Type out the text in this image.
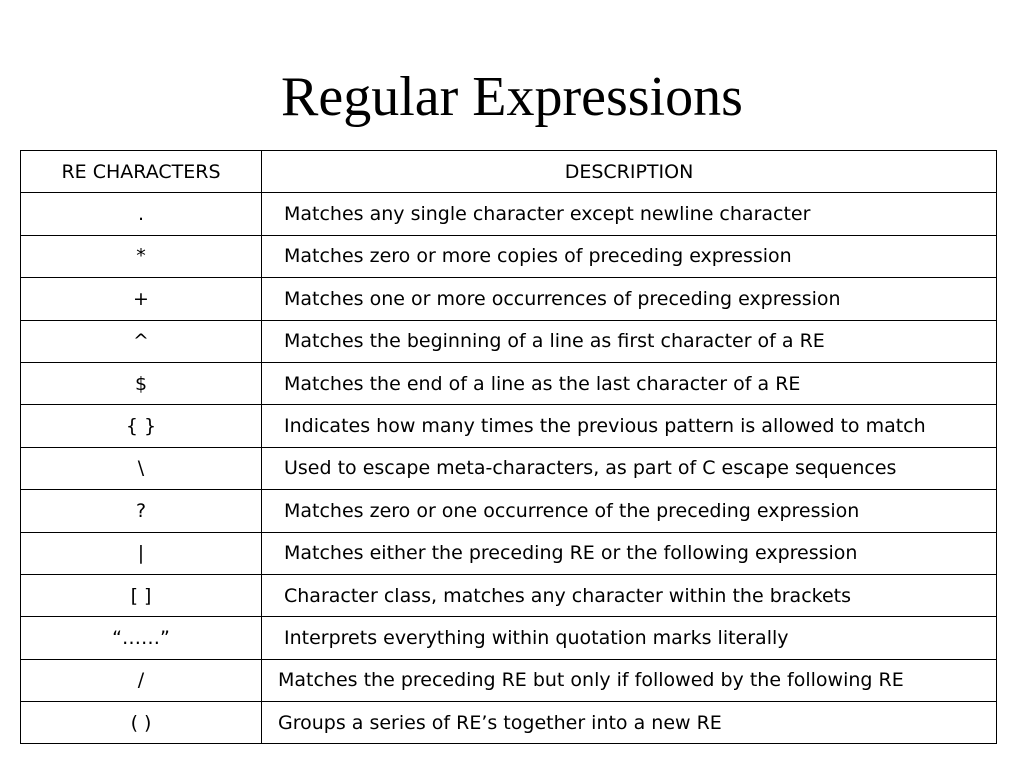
Regular Expressions
RE CHARACTERS	DESCRIPTION
.	Matches any single character except newline character
*	Matches zero or more copies of preceding expression
+	Matches one or more occurrences of preceding expression
^	Matches the beginning of a line as first character of a RE
$	Matches the end of a line as the last character of a RE
{ }	Indicates how many times the previous pattern is allowed to match
\	Used to escape meta-characters, as part of C escape sequences
?	Matches zero or one occurrence of the preceding expression
|	Matches either the preceding RE or the following expression
[ ]	Character class, matches any character within the brackets
“……”	Interprets everything within quotation marks literally
/	Matches the preceding RE but only if followed by the following RE
( )	Groups a series of RE’s together into a new RE
